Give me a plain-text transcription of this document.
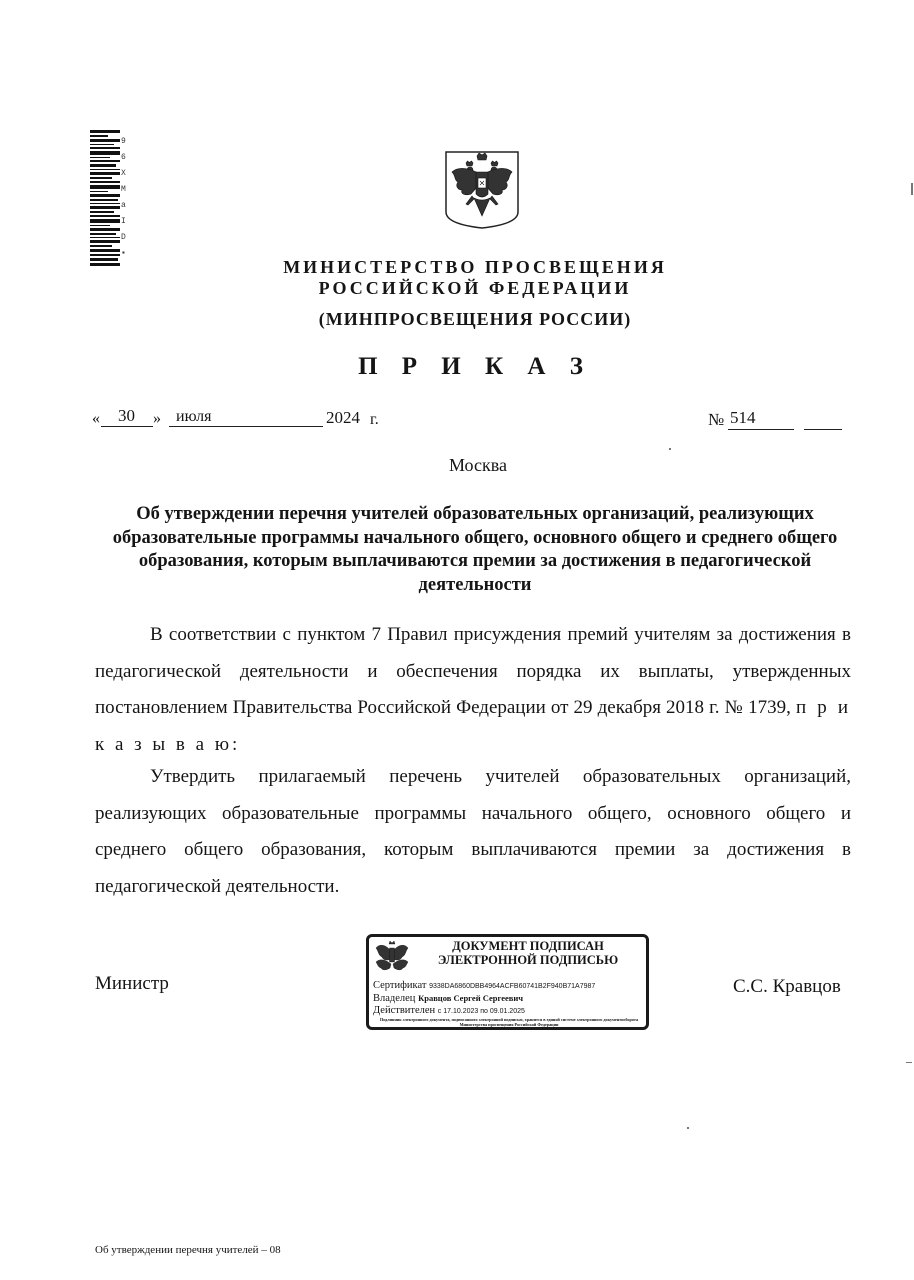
9
6
X
M
a
I
D
▪
МИНИСТЕРСТВО ПРОСВЕЩЕНИЯ
РОССИЙСКОЙ ФЕДЕРАЦИИ
(МИНПРОСВЕЩЕНИЯ РОССИИ)
П Р И К А З
« 30 » июля	2024 г.	№ 514
Москва
Об утверждении перечня учителей образовательных организаций, реализующих образовательные программы начального общего, основного общего и среднего общего образования, которым выплачиваются премии за достижения в педагогической деятельности
В соответствии с пунктом 7 Правил присуждения премий учителям за достижения в педагогической деятельности и обеспечения порядка их выплаты, утвержденных постановлением Правительства Российской Федерации от 29 декабря 2018 г. № 1739, п р и к а з ы в а ю:
Утвердить прилагаемый перечень учителей образовательных организаций, реализующих образовательные программы начального общего, основного общего и среднего общего образования, которым выплачиваются премии за достижения в педагогической деятельности.
Министр	С.С. Кравцов
ДОКУМЕНТ ПОДПИСАН
ЭЛЕКТРОННОЙ ПОДПИСЬЮ
Сертификат 9338DA6860DBB4964ACFB60741B2F940B71A7987
Владелец Кравцов Сергей Сергеевич
Действителен с 17.10.2023 по 09.01.2025
Подлинник электронного документа, подписанного электронной подписью, хранится в единой системе электронного документооборота Министерства просвещения Российской Федерации
Об утверждении перечня учителей – 08
